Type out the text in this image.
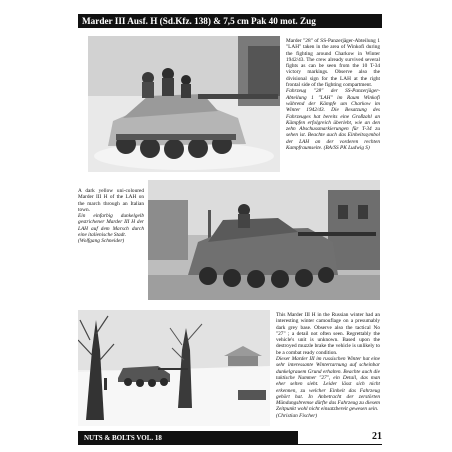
Marder III Ausf. H (Sd.Kfz. 138) & 7,5 cm Pak 40 mot. Zug

Marder "28" of SS-Panzerjäger-Abteilung 1 "LAH" taken in the area of Winkofi during the fighting around Charkow in Winter 1942/43. The crew already survived several fights as can be seen from the 10 T-34 victory markings. Observe also the divisional sign for the LAH at the right frontal side of the fighting compartment.

Fahrzeug "28" der SS-Panzerjäger-Abteilung 1 "LAH" im Raum Winkofi während der Kämpfe um Charkow im Winter 1942/43. Die Besatzung des Fahrzeuges hat bereits eine Großzahl an Kämpfen erfolgreich überlebt, wie an den zehn Abschussmarkierungen für T-34 zu sehen ist. Beachte auch das Einheitssymbol der LAH an der vorderen rechten Kampfraumseite. (BA/SS PK Ludwig S)

A dark yellow uni-coloured Marder III H of the LAH on the march through an Italian town.

Ein einfarbig dunkelgelb gestrichener Marder III H der LAH auf dem Marsch durch eine italienische Stadt.

(Wolfgang Schneider)

This Marder III H in the Russian winter had an interesting winter camouflage on a presumably dark grey base. Observe also the tactical No "27" ; a detail not often seen. Regrettably the vehicle's unit is unknown. Based upon the destroyed muzzle brake the vehicle is unlikely to be a combat ready condition.

Dieser Marder III im russischen Winter hat eine sehr interessante Wintertarnung auf scheinbar dunkelgrauem Grund erhalten. Beachte auch die taktische Nummer "27", ein Detail, das man eher selten sieht. Leider lässt sich nicht erkennen, zu welcher Einheit das Fahrzeug gehört hat. In Anbetracht der zerstörten Mündungsbremse dürfte das Fahrzeug zu diesem Zeitpunkt wohl nicht einsatzbereit gewesen sein.

(Christian Fischer)

NUTS & BOLTS VOL. 18	21
